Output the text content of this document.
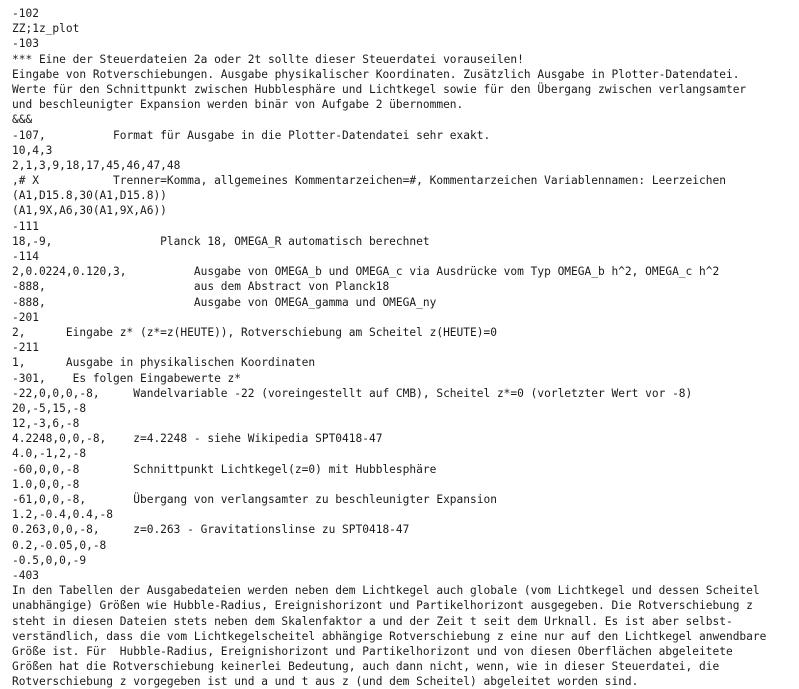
-102
ZZ;1z_plot
-103
*** Eine der Steuerdateien 2a oder 2t sollte dieser Steuerdatei vorauseilen!
Eingabe von Rotverschiebungen. Ausgabe physikalischer Koordinaten. Zusätzlich Ausgabe in Plotter-Datendatei.
Werte für den Schnittpunkt zwischen Hubblesphäre und Lichtkegel sowie für den Übergang zwischen verlangsamter
und beschleunigter Expansion werden binär von Aufgabe 2 übernommen.
&&&
-107,          Format für Ausgabe in die Plotter-Datendatei sehr exakt.
10,4,3
2,1,3,9,18,17,45,46,47,48
,# X           Trenner=Komma, allgemeines Kommentarzeichen=#, Kommentarzeichen Variablennamen: Leerzeichen
(A1,D15.8,30(A1,D15.8))
(A1,9X,A6,30(A1,9X,A6))
-111
18,-9,                Planck 18, OMEGA_R automatisch berechnet
-114
2,0.0224,0.120,3,          Ausgabe von OMEGA_b und OMEGA_c via Ausdrücke vom Typ OMEGA_b h^2, OMEGA_c h^2
-888,                      aus dem Abstract von Planck18
-888,                      Ausgabe von OMEGA_gamma und OMEGA_ny
-201
2,      Eingabe z* (z*=z(HEUTE)), Rotverschiebung am Scheitel z(HEUTE)=0
-211
1,      Ausgabe in physikalischen Koordinaten
-301,    Es folgen Eingabewerte z*
-22,0,0,0,-8,     Wandelvariable -22 (voreingestellt auf CMB), Scheitel z*=0 (vorletzter Wert vor -8)
20,-5,15,-8
12,-3,6,-8
4.2248,0,0,-8,    z=4.2248 - siehe Wikipedia SPT0418-47
4.0,-1,2,-8
-60,0,0,-8        Schnittpunkt Lichtkegel(z=0) mit Hubblesphäre
1.0,0,0,-8
-61,0,0,-8,       Übergang von verlangsamter zu beschleunigter Expansion
1.2,-0.4,0.4,-8
0.263,0,0,-8,     z=0.263 - Gravitationslinse zu SPT0418-47
0.2,-0.05,0,-8
-0.5,0,0,-9
-403
In den Tabellen der Ausgabedateien werden neben dem Lichtkegel auch globale (vom Lichtkegel und dessen Scheitel
unabhängige) Größen wie Hubble-Radius, Ereignishorizont und Partikelhorizont ausgegeben. Die Rotverschiebung z
steht in diesen Dateien stets neben dem Skalenfaktor a und der Zeit t seit dem Urknall. Es ist aber selbst-
verständlich, dass die vom Lichtkegelscheitel abhängige Rotverschiebung z eine nur auf den Lichtkegel anwendbare
Größe ist. Für  Hubble-Radius, Ereignishorizont und Partikelhorizont und von diesen Oberflächen abgeleitete
Größen hat die Rotverschiebung keinerlei Bedeutung, auch dann nicht, wenn, wie in dieser Steuerdatei, die
Rotverschiebung z vorgegeben ist und a und t aus z (und dem Scheitel) abgeleitet worden sind.
